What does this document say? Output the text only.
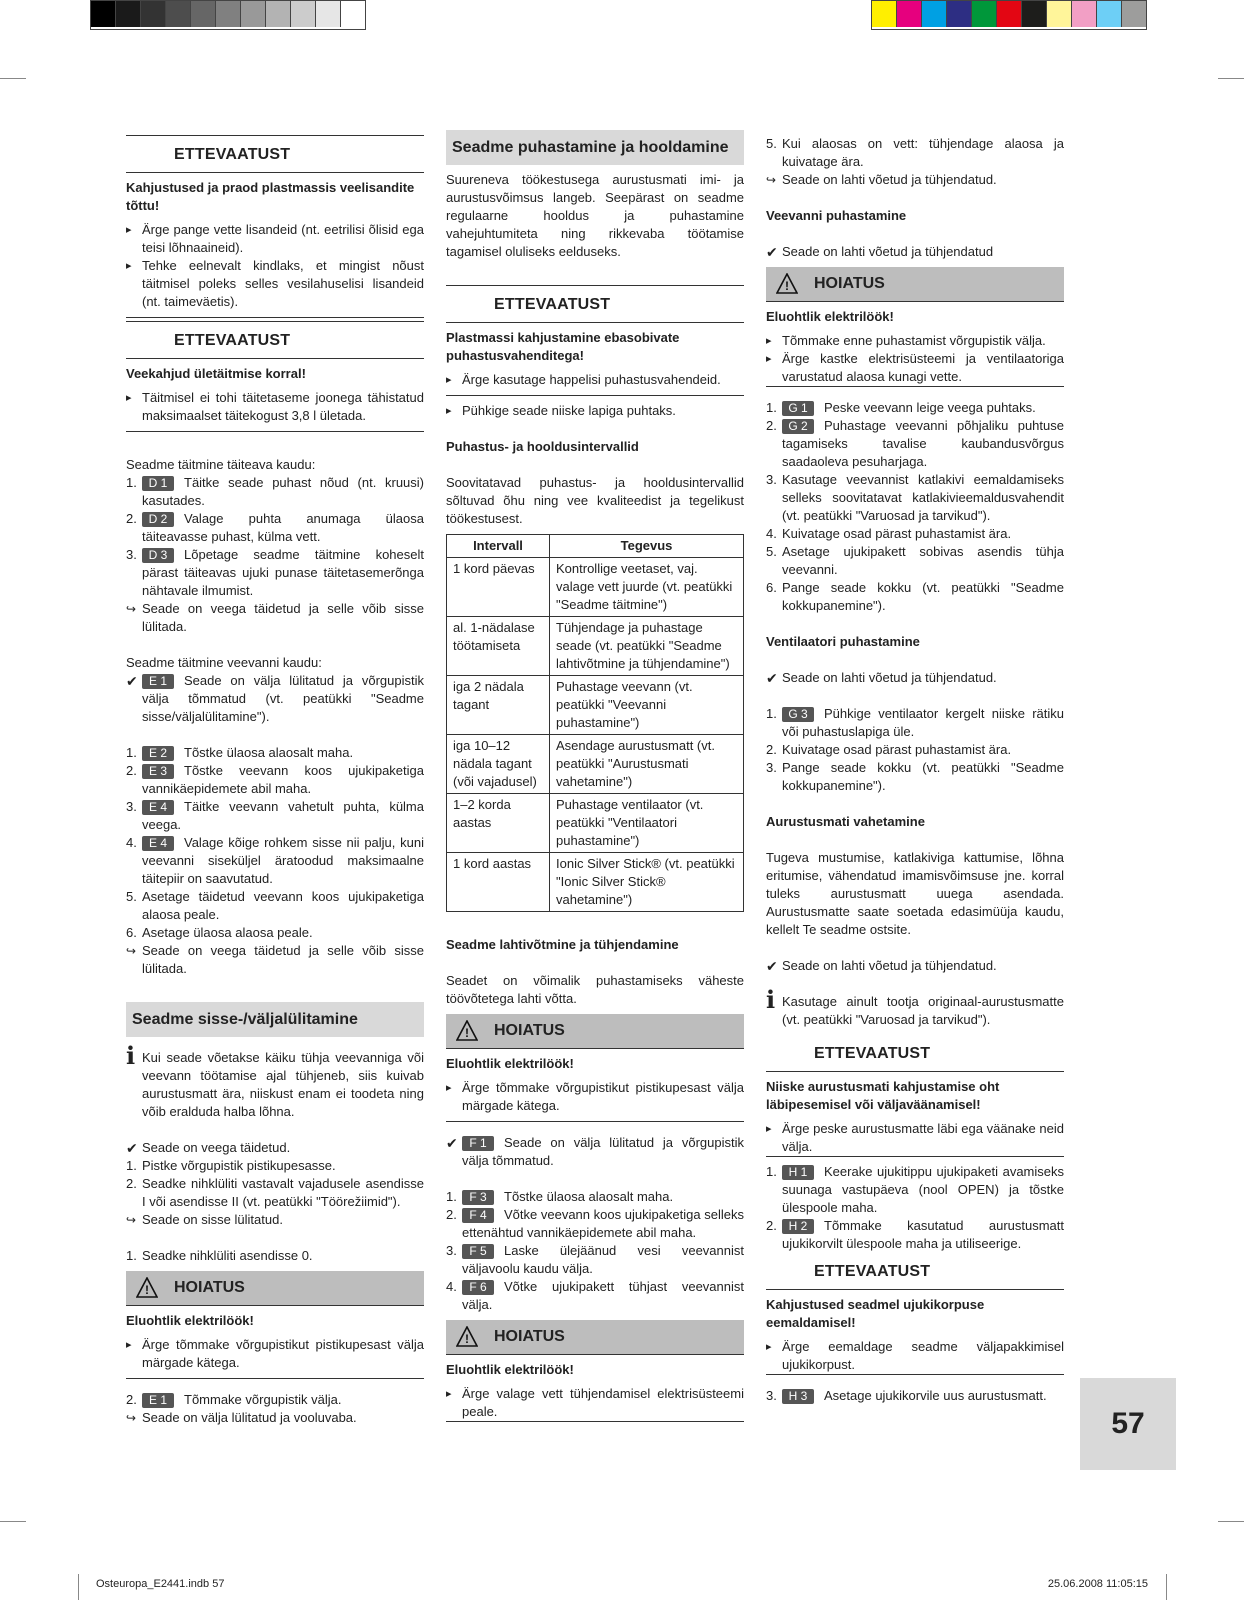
ETTEVAATUST
Kahjustused ja praod plastmassis veelisandite tõttu!
▸ Ärge pange vette lisandeid (nt. eetrilisi õlisid ega teisi lõhnaaineid).
▸ Tehke eelnevalt kindlaks, et mingist nõust täitmisel poleks selles vesilahuselisi lisandeid (nt. taimeväetis).
ETTEVAATUST
Veekahjud ületäitmise korral!
▸ Täitmisel ei tohi täitetaseme joonega tähistatud maksimaalset täitekogust 3,8 l ületada.
Seadme täitmine täiteava kaudu:
1. D 1 Täitke seade puhast nõud (nt. kruusi) kasutades.
2. D 2 Valage puhta anumaga ülaosa täiteavasse puhast, külma vett.
3. D 3 Lõpetage seadme täitmine koheselt pärast täiteavas ujuki punase täitetasemerõnga nähtavale ilmumist.
↪ Seade on veega täidetud ja selle võib sisse lülitada.
Seadme täitmine veevanni kaudu:
✔ E 1 Seade on välja lülitatud ja võrgupistik välja tõmmatud (vt. peatükki "Seadme sisse/väljalülitamine").
1. E 2 Tõstke ülaosa alaosalt maha.
2. E 3 Tõstke veevann koos ujukipaketiga vannikäepidemete abil maha.
3. E 4 Täitke veevann vahetult puhta, külma veega.
4. E 4 Valage kõige rohkem sisse nii palju, kuni veevanni siseküljel äratoodud maksimaalne täitepiir on saavutatud.
5. Asetage täidetud veevann koos ujukipaketiga alaosa peale.
6. Asetage ülaosa alaosa peale.
↪ Seade on veega täidetud ja selle võib sisse lülitada.
Seadme sisse-/väljalülitamine
i Kui seade võetakse käiku tühja veevanniga või veevann töötamise ajal tühjeneb, siis kuivab aurustusmatt ära, niiskust enam ei toodeta ning võib eralduda halba lõhna.
✔ Seade on veega täidetud.
1. Pistke võrgupistik pistikupesasse.
2. Seadke nihklüliti vastavalt vajadusele asendisse I või asendisse II (vt. peatükki "Töörežiimid").
↪ Seade on sisse lülitatud.
1. Seadke nihklüliti asendisse 0.
! HOIATUS
Eluohtlik elektrilöök!
▸ Ärge tõmmake võrgupistikut pistikupesast välja märgade kätega.
2. E 1 Tõmmake võrgupistik välja.
↪ Seade on välja lülitatud ja vooluvaba.
Seadme puhastamine ja hooldamine
Suureneva töökestusega aurustusmati imi- ja aurustusvõimsus langeb. Seepärast on seadme regulaarne hooldus ja puhastamine vahejuhtumiteta ning rikkevaba töötamise tagamisel oluliseks eelduseks.
ETTEVAATUST
Plastmassi kahjustamine ebasobivate puhastusvahenditega!
▸ Ärge kasutage happelisi puhastusvahendeid.
▸ Pühkige seade niiske lapiga puhtaks.
Puhastus- ja hooldusintervallid
Soovitatavad puhastus- ja hooldusintervallid sõltuvad õhu ning vee kvaliteedist ja tegelikust töökestusest.
Intervall	Tegevus
1 kord päevas	Kontrollige veetaset, vaj. valage vett juurde (vt. peatükki "Seadme täitmine")
al. 1-nädalase töötamiseta	Tühjendage ja puhastage seade (vt. peatükki "Seadme lahtivõtmine ja tühjendamine")
iga 2 nädala tagant	Puhastage veevann (vt. peatükki "Veevanni puhastamine")
iga 10–12 nädala tagant (või vajadusel)	Asendage aurustusmatt (vt. peatükki "Aurustusmati vahetamine")
1–2 korda aastas	Puhastage ventilaator (vt. peatükki "Ventilaatori puhastamine")
1 kord aastas	Ionic Silver Stick® (vt. peatükki "Ionic Silver Stick® vahetamine")
Seadme lahtivõtmine ja tühjendamine
Seadet on võimalik puhastamiseks väheste töövõtetega lahti võtta.
! HOIATUS
Eluohtlik elektrilöök!
▸ Ärge tõmmake võrgupistikut pistikupesast välja märgade kätega.
✔ F 1 Seade on välja lülitatud ja võrgupistik välja tõmmatud.
1. F 3 Tõstke ülaosa alaosalt maha.
2. F 4 Võtke veevann koos ujukipaketiga selleks ettenähtud vannikäepidemete abil maha.
3. F 5 Laske ülejäänud vesi veevannist väljavoolu kaudu välja.
4. F 6 Võtke ujukipakett tühjast veevannist välja.
! HOIATUS
Eluohtlik elektrilöök!
▸ Ärge valage vett tühjendamisel elektrisüsteemi peale.
5. Kui alaosas on vett: tühjendage alaosa ja kuivatage ära.
↪ Seade on lahti võetud ja tühjendatud.
Veevanni puhastamine
✔ Seade on lahti võetud ja tühjendatud
! HOIATUS
Eluohtlik elektrilöök!
▸ Tõmmake enne puhastamist võrgupistik välja.
▸ Ärge kastke elektrisüsteemi ja ventilaatoriga varustatud alaosa kunagi vette.
1. G 1 Peske veevann leige veega puhtaks.
2. G 2 Puhastage veevanni põhjaliku puhtuse tagamiseks tavalise kaubandusvõrgus saadaoleva pesuharjaga.
3. Kasutage veevannist katlakivi eemaldamiseks selleks soovitatavat katlakivieemaldusvahendit (vt. peatükki "Varuosad ja tarvikud").
4. Kuivatage osad pärast puhastamist ära.
5. Asetage ujukipakett sobivas asendis tühja veevanni.
6. Pange seade kokku (vt. peatükki "Seadme kokkupanemine").
Ventilaatori puhastamine
✔ Seade on lahti võetud ja tühjendatud.
1. G 3 Pühkige ventilaator kergelt niiske rätiku või puhastuslapiga üle.
2. Kuivatage osad pärast puhastamist ära.
3. Pange seade kokku (vt. peatükki "Seadme kokkupanemine").
Aurustusmati vahetamine
Tugeva mustumise, katlakiviga kattumise, lõhna eritumise, vähendatud imamisvõimsuse jne. korral tuleks aurustusmatt uuega asendada. Aurustusmatte saate soetada edasimüüja kaudu, kellelt Te seadme ostsite.
✔ Seade on lahti võetud ja tühjendatud.
i Kasutage ainult tootja originaal-aurustusmatte (vt. peatükki "Varuosad ja tarvikud").
ETTEVAATUST
Niiske aurustusmati kahjustamise oht läbipesemisel või väljaväänamisel!
▸ Ärge peske aurustusmatte läbi ega väänake neid välja.
1. H 1 Keerake ujukitippu ujukipaketi avamiseks suunaga vastupäeva (nool OPEN) ja tõstke ülespoole maha.
2. H 2 Tõmmake kasutatud aurustusmatt ujukikorvilt ülespoole maha ja utiliseerige.
ETTEVAATUST
Kahjustused seadmel ujukikorpuse eemaldamisel!
▸ Ärge eemaldage seadme väljapakkimisel ujukikorpust.
3. H 3 Asetage ujukikorvile uus aurustusmatt.
57
Osteuropa_E2441.indb 57	25.06.2008 11:05:15
